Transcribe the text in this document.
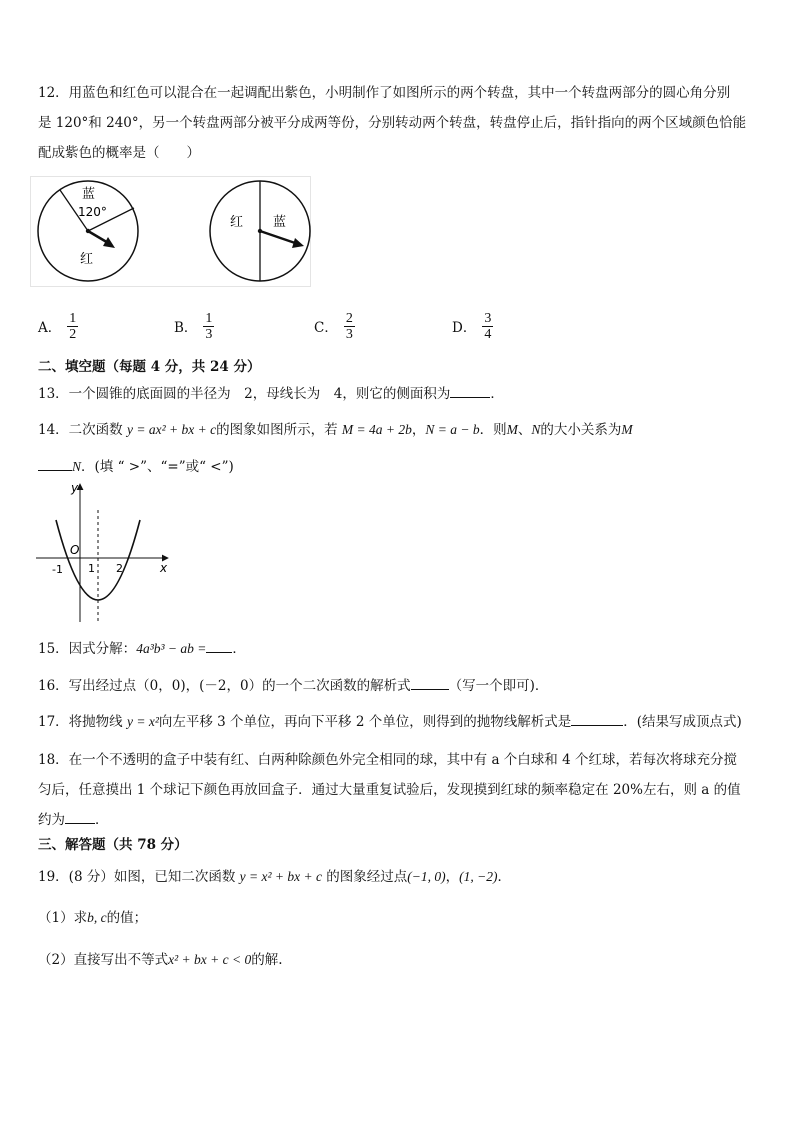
12．用蓝色和红色可以混合在一起调配出紫色，小明制作了如图所示的两个转盘，其中一个转盘两部分的圆心角分别
是 120°和 240°，另一个转盘两部分被平分成两等份，分别转动两个转盘，转盘停止后，指针指向的两个区域颜色恰能
配成紫色的概率是（　　）
蓝
120°
红
红 蓝
A． $\frac{1}{2}$	B． $\frac{1}{3}$	C． $\frac{2}{3}$	D． $\frac{3}{4}$
二、填空题（每题 4 分，共 24 分）
13．一个圆锥的底面圆的半径为　2，母线长为　4，则它的侧面积为	．
14．二次函数 y = ax² + bx + c的图象如图所示，若 M = 4a + 2b，N = a − b．则M、N的大小关系为M
N．(填 “ >”、“=”或“ <”)
y
x
O
-1 1 2
15．因式分解：4a³b³ − ab = ．
16．写出经过点（0，0)，(－2，0）的一个二次函数的解析式	（写一个即可)．
17．将抛物线 y = x²向左平移 3 个单位，再向下平移 2 个单位，则得到的抛物线解析式是	．(结果写成顶点式)
18．在一个不透明的盒子中装有红、白两种除颜色外完全相同的球，其中有 a 个白球和 4 个红球，若每次将球充分搅
匀后，任意摸出 1 个球记下颜色再放回盒子．通过大量重复试验后，发现摸到红球的频率稳定在 20%左右，则 a 的值
约为 ．
三、解答题（共 78 分）
19．(8 分）如图，已知二次函数 y = x² + bx + c 的图象经过点(−1, 0)，(1, −2)．
（1）求b, c的值；
（2）直接写出不等式x² + bx + c < 0的解.
